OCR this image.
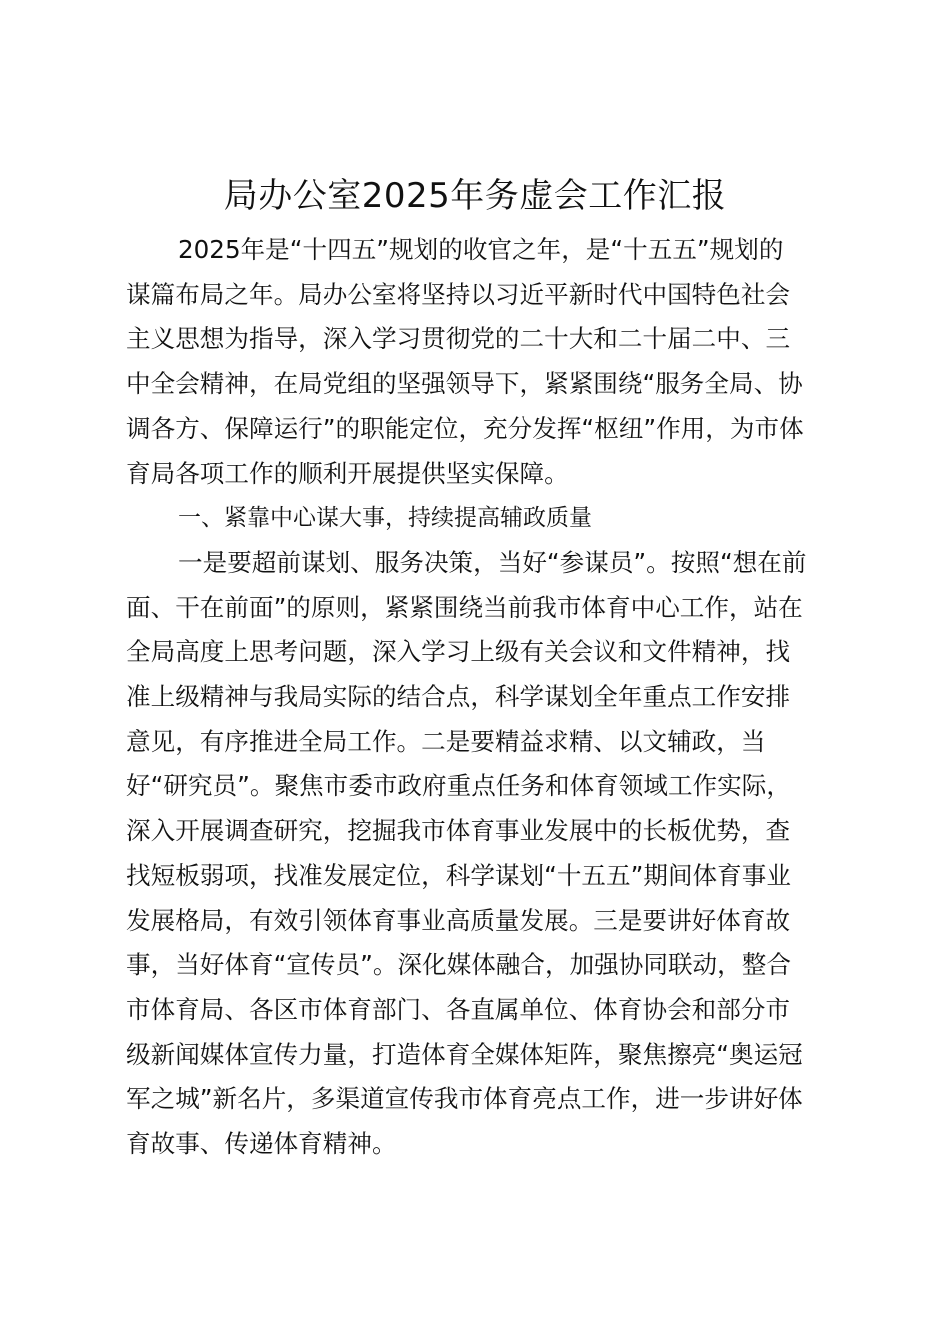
局办公室2025年务虚会工作汇报
2025年是“十四五”规划的收官之年，是“十五五”规划的
谋篇布局之年。局办公室将坚持以习近平新时代中国特色社会
主义思想为指导，深入学习贯彻党的二十大和二十届二中、三
中全会精神，在局党组的坚强领导下，紧紧围绕“服务全局、协
调各方、保障运行”的职能定位，充分发挥“枢纽”作用，为市体
育局各项工作的顺利开展提供坚实保障。
一、紧靠中心谋大事，持续提高辅政质量
一是要超前谋划、服务决策，当好“参谋员”。按照“想在前
面、干在前面”的原则，紧紧围绕当前我市体育中心工作，站在
全局高度上思考问题，深入学习上级有关会议和文件精神，找
准上级精神与我局实际的结合点，科学谋划全年重点工作安排
意见，有序推进全局工作。二是要精益求精、以文辅政，当
好“研究员”。聚焦市委市政府重点任务和体育领域工作实际，
深入开展调查研究，挖掘我市体育事业发展中的长板优势，查
找短板弱项，找准发展定位，科学谋划“十五五”期间体育事业
发展格局，有效引领体育事业高质量发展。三是要讲好体育故
事，当好体育“宣传员”。深化媒体融合，加强协同联动，整合
市体育局、各区市体育部门、各直属单位、体育协会和部分市
级新闻媒体宣传力量，打造体育全媒体矩阵，聚焦擦亮“奥运冠
军之城”新名片，多渠道宣传我市体育亮点工作，进一步讲好体
育故事、传递体育精神。
